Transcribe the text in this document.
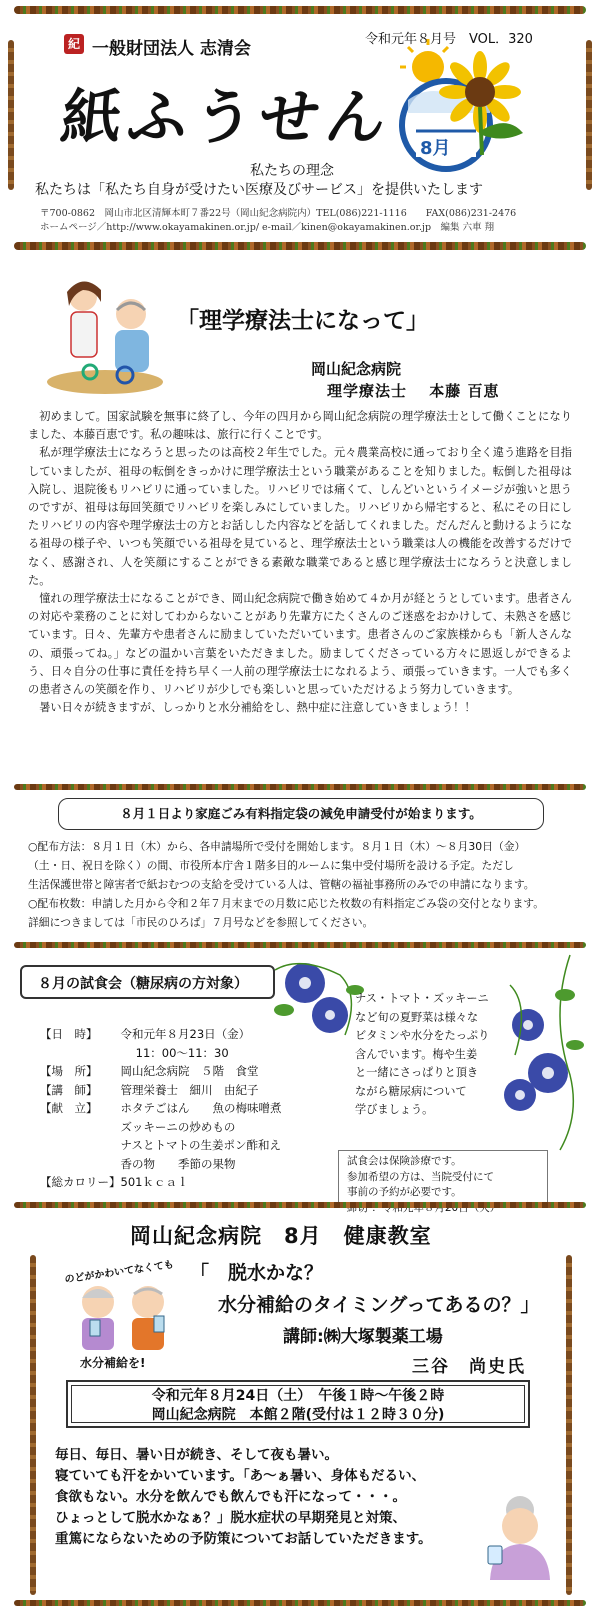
紀 一般財団法人 志清会	令和元年８月号　VOL．320
紙ふうせん 8月
私たちの理念
私たちは「私たち自身が受けたい医療及びサービス」を提供いたします
〒700-0862　岡山市北区清輝本町７番22号（岡山紀念病院内）TEL(086)221-1116　　FAX(086)231-2476
ホームページ／http://www.okayamakinen.or.jp/ e-mail／kinen@okayamakinen.or.jp　編集 六車 翔
「理学療法士になって」
岡山紀念病院
理学療法士　 本藤 百恵

初めまして。国家試験を無事に終了し、今年の四月から岡山紀念病院の理学療法士として働くことになりました、本藤百恵です。私の趣味は、旅行に行くことです。

私が理学療法士になろうと思ったのは高校２年生でした。元々農業高校に通っており全く違う進路を目指していましたが、祖母の転倒をきっかけに理学療法士という職業があることを知りました。転倒した祖母は入院し、退院後もリハビリに通っていました。リハビリでは痛くて、しんどいというイメージが強いと思うのですが、祖母は毎回笑顔でリハビリを楽しみにしていました。リハビリから帰宅すると、私にその日にしたリハビリの内容や理学療法士の方とお話しした内容などを話してくれました。だんだんと動けるようになる祖母の様子や、いつも笑顔でいる祖母を見ていると、理学療法士という職業は人の機能を改善するだけでなく、感謝され、人を笑顔にすることができる素敵な職業であると感じ理学療法士になろうと決意しました。

憧れの理学療法士になることができ、岡山紀念病院で働き始めて４か月が経とうとしています。患者さんの対応や業務のことに対してわからないことがあり先輩方にたくさんのご迷惑をおかけして、未熟さを感じています。日々、先輩方や患者さんに励ましていただいています。患者さんのご家族様からも「新人さんなの、頑張ってね。」などの温かい言葉をいただきました。励ましてくださっている方々に恩返しができるよう、日々自分の仕事に責任を持ち早く一人前の理学療法士になれるよう、頑張っていきます。一人でも多くの患者さんの笑顔を作り、リハビリが少しでも楽しいと思っていただけるよう努力していきます。

暑い日々が続きますが、しっかりと水分補給をし、熱中症に注意していきましょう！！

８月１日より家庭ごみ有料指定袋の減免申請受付が始まります。
○配布方法：８月１日（木）から、各申請場所で受付を開始します。８月１日（木）～８月30日（金）
（土・日、祝日を除く）の間、市役所本庁舎１階多目的ルームに集中受付場所を設ける予定。ただし
生活保護世帯と障害者で紙おむつの支給を受けている人は、管轄の福祉事務所のみでの申請になります。
○配布枚数：申請した月から令和２年７月末までの月数に応じた枚数の有料指定ごみ袋の交付となります。
詳細につきましては「市民のひろば」７月号などを参照してください。
８月の試食会（糖尿病の方対象）
【日　時】	令和元年８月23日（金）
	　 11：00～11：30
【場　所】	岡山紀念病院　５階　食堂
【講　師】	管理栄養士　細川　由紀子
【献　立】	ホタテごはん　　魚の梅味噌煮
	ズッキーニの炒めもの
	ナスとトマトの生姜ポン酢和え
	香の物　　季節の果物
【総カロリー】	501ｋｃａｌ
ナス・トマト・ズッキーニ
など旬の夏野菜は様々な
ビタミンや水分をたっぷり
含んでいます。梅や生姜
と一緒にさっぱりと頂き
ながら糖尿病について
学びましょう。
試食会は保険診療です。
参加希望の方は、当院受付にて
事前の予約が必要です。
岡山紀念病院　8月　健康教室
のどがかわいてなくても
水分補給を!
「　脱水かな？
水分補給のタイミングってあるの？」
講師:㈱大塚製薬工場
三谷　尚史氏
令和元年８月24日（土）　午後１時～午後２時
岡山紀念病院　本館２階(受付は１２時３０分)
毎日、毎日、暑い日が続き、そして夜も暑い。
寝ていても汗をかいています。「あ～ぁ暑い、身体もだるい、
食欲もない。水分を飲んでも飲んでも汗になって・・・。
ひょっとして脱水かなぁ？」脱水症状の早期発見と対策、
重篤にならないための予防策についてお話していただきます。
